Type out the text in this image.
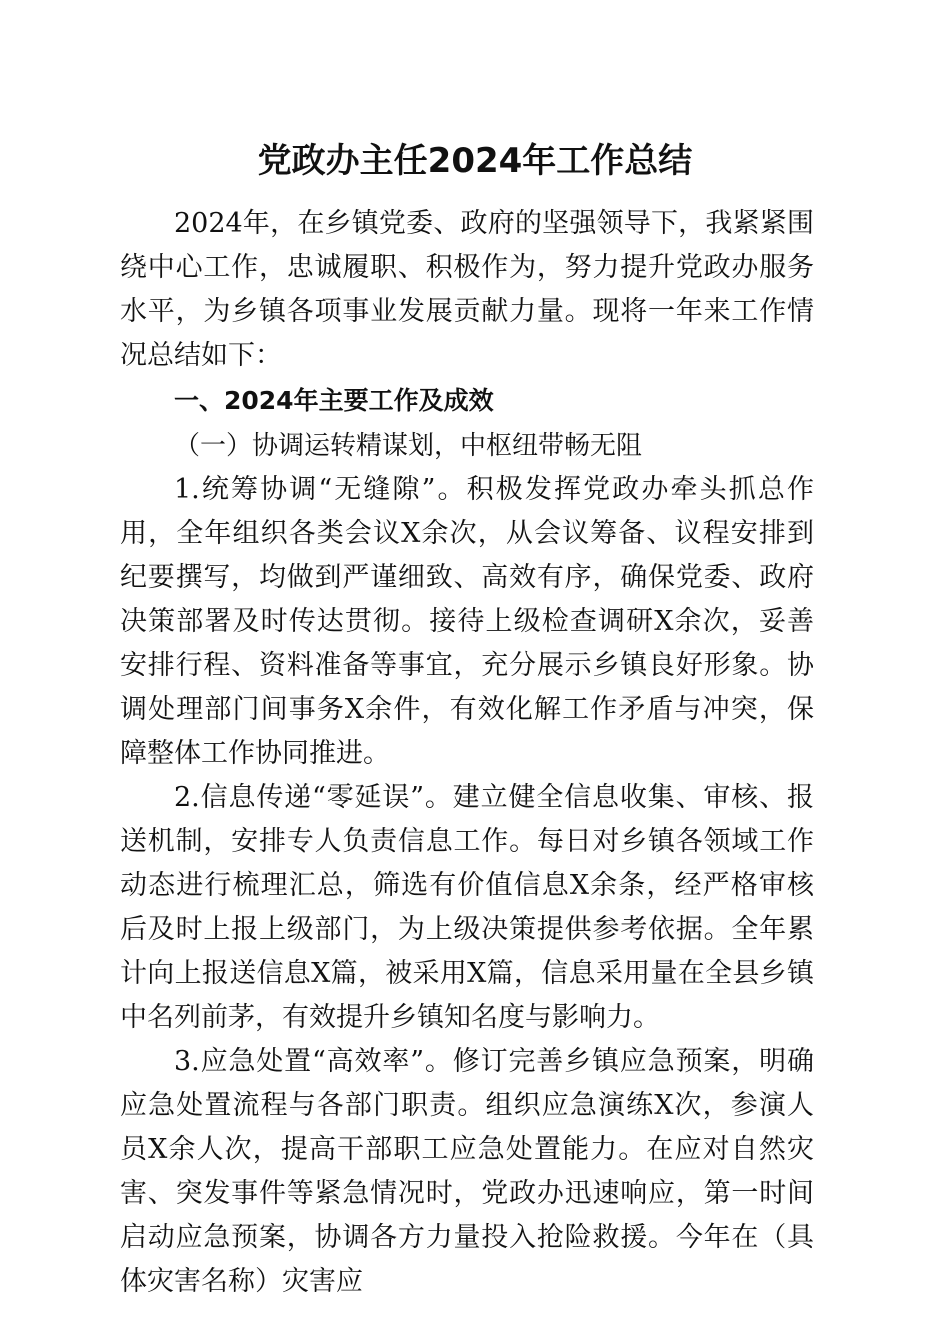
党政办主任2024年工作总结

2024年，在乡镇党委、政府的坚强领导下，我紧紧围绕中心工作，忠诚履职、积极作为，努力提升党政办服务水平，为乡镇各项事业发展贡献力量。现将一年来工作情况总结如下：

一、2024年主要工作及成效

（一）协调运转精谋划，中枢纽带畅无阻

1.统筹协调“无缝隙”。积极发挥党政办牵头抓总作用，全年组织各类会议X余次，从会议筹备、议程安排到纪要撰写，均做到严谨细致、高效有序，确保党委、政府决策部署及时传达贯彻。接待上级检查调研X余次，妥善安排行程、资料准备等事宜，充分展示乡镇良好形象。协调处理部门间事务X余件，有效化解工作矛盾与冲突，保障整体工作协同推进。

2.信息传递“零延误”。建立健全信息收集、审核、报送机制，安排专人负责信息工作。每日对乡镇各领域工作动态进行梳理汇总，筛选有价值信息X余条，经严格审核后及时上报上级部门，为上级决策提供参考依据。全年累计向上报送信息X篇，被采用X篇，信息采用量在全县乡镇中名列前茅，有效提升乡镇知名度与影响力。

3.应急处置“高效率”。修订完善乡镇应急预案，明确应急处置流程与各部门职责。组织应急演练X次，参演人员X余人次，提高干部职工应急处置能力。在应对自然灾害、突发事件等紧急情况时，党政办迅速响应，第一时间启动应急预案，协调各方力量投入抢险救援。今年在（具体灾害名称）灾害应
